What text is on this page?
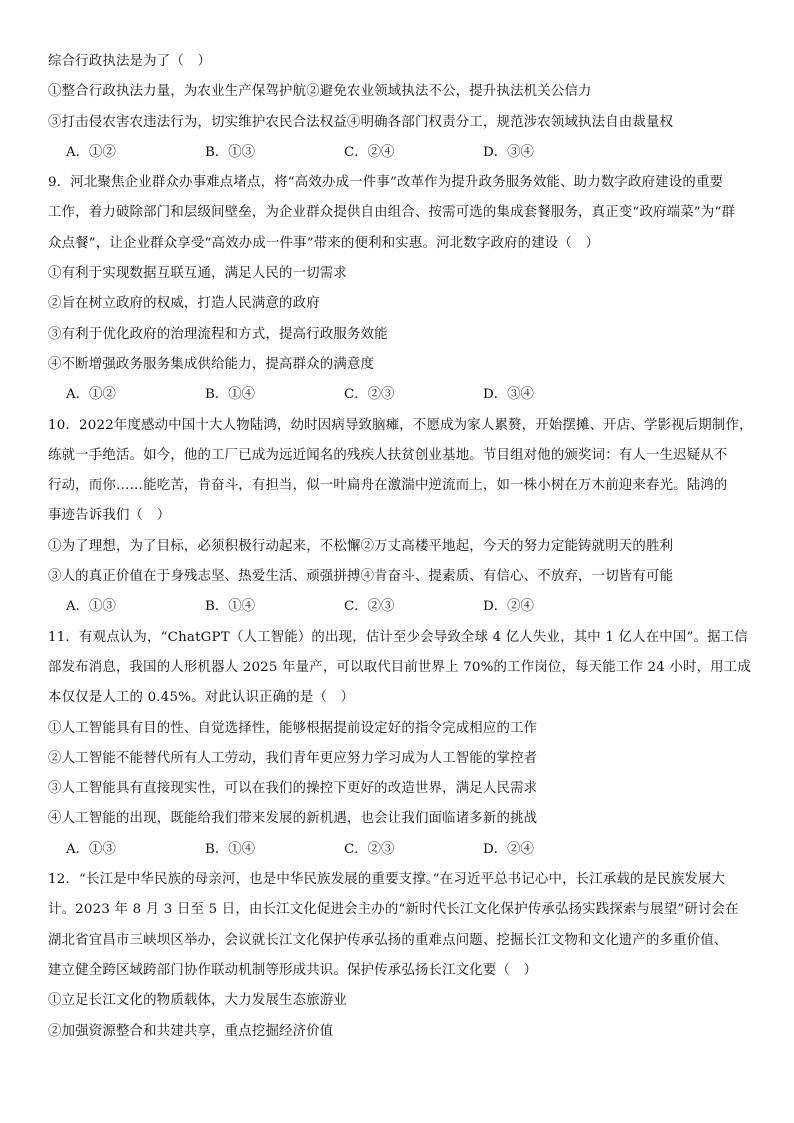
综合行政执法是为了（　）
①整合行政执法力量，为农业生产保驾护航②避免农业领域执法不公，提升执法机关公信力
③打击侵农害农违法行为，切实维护农民合法权益④明确各部门权责分工，规范涉农领域执法自由裁量权
A．①②	B．①③	C．②④	D．③④
9．河北聚焦企业群众办事难点堵点，将“高效办成一件事”改革作为提升政务服务效能、助力数字政府建设的重要
工作，着力破除部门和层级间壁垒，为企业群众提供自由组合、按需可选的集成套餐服务，真正变“政府端菜”为“群
众点餐”，让企业群众享受“高效办成一件事”带来的便利和实惠。河北数字政府的建设（　）
①有利于实现数据互联互通，满足人民的一切需求
②旨在树立政府的权威，打造人民满意的政府
③有利于优化政府的治理流程和方式，提高行政服务效能
④不断增强政务服务集成供给能力，提高群众的满意度
A．①②	B．①④	C．②③	D．③④
10．2022年度感动中国十大人物陆鸿，幼时因病导致脑瘫，不愿成为家人累赘，开始摆摊、开店、学影视后期制作，
练就一手绝活。如今，他的工厂已成为远近闻名的残疾人扶贫创业基地。节目组对他的颁奖词：有人一生迟疑从不
行动，而你……能吃苦，肯奋斗，有担当，似一叶扁舟在激湍中逆流而上，如一株小树在万木前迎来春光。陆鸿的
事迹告诉我们（　）
①为了理想，为了目标，必须积极行动起来，不松懈②万丈高楼平地起，今天的努力定能铸就明天的胜利
③人的真正价值在于身残志坚、热爱生活、顽强拼搏④肯奋斗、提素质、有信心、不放弃，一切皆有可能
A．①③	B．①④	C．②③	D．②④
11．有观点认为，“ChatGPT（人工智能）的出现，估计至少会导致全球 4 亿人失业，其中 1 亿人在中国”。据工信
部发布消息，我国的人形机器人 2025 年量产，可以取代目前世界上 70%的工作岗位，每天能工作 24 小时，用工成
本仅仅是人工的 0.45%。对此认识正确的是（　）
①人工智能具有目的性、自觉选择性，能够根据提前设定好的指令完成相应的工作
②人工智能不能替代所有人工劳动，我们青年更应努力学习成为人工智能的掌控者
③人工智能具有直接现实性，可以在我们的操控下更好的改造世界，满足人民需求
④人工智能的出现，既能给我们带来发展的新机遇，也会让我们面临诸多新的挑战
A．①③	B．①④	C．②③	D．②④
12．“长江是中华民族的母亲河，也是中华民族发展的重要支撑。”在习近平总书记心中，长江承载的是民族发展大
计。2023 年 8 月 3 日至 5 日，由长江文化促进会主办的“新时代长江文化保护传承弘扬实践探索与展望”研讨会在
湖北省宜昌市三峡坝区举办，会议就长江文化保护传承弘扬的重难点问题、挖掘长江文物和文化遗产的多重价值、
建立健全跨区域跨部门协作联动机制等形成共识。保护传承弘扬长江文化要（　）
①立足长江文化的物质载体，大力发展生态旅游业
②加强资源整合和共建共享，重点挖掘经济价值
